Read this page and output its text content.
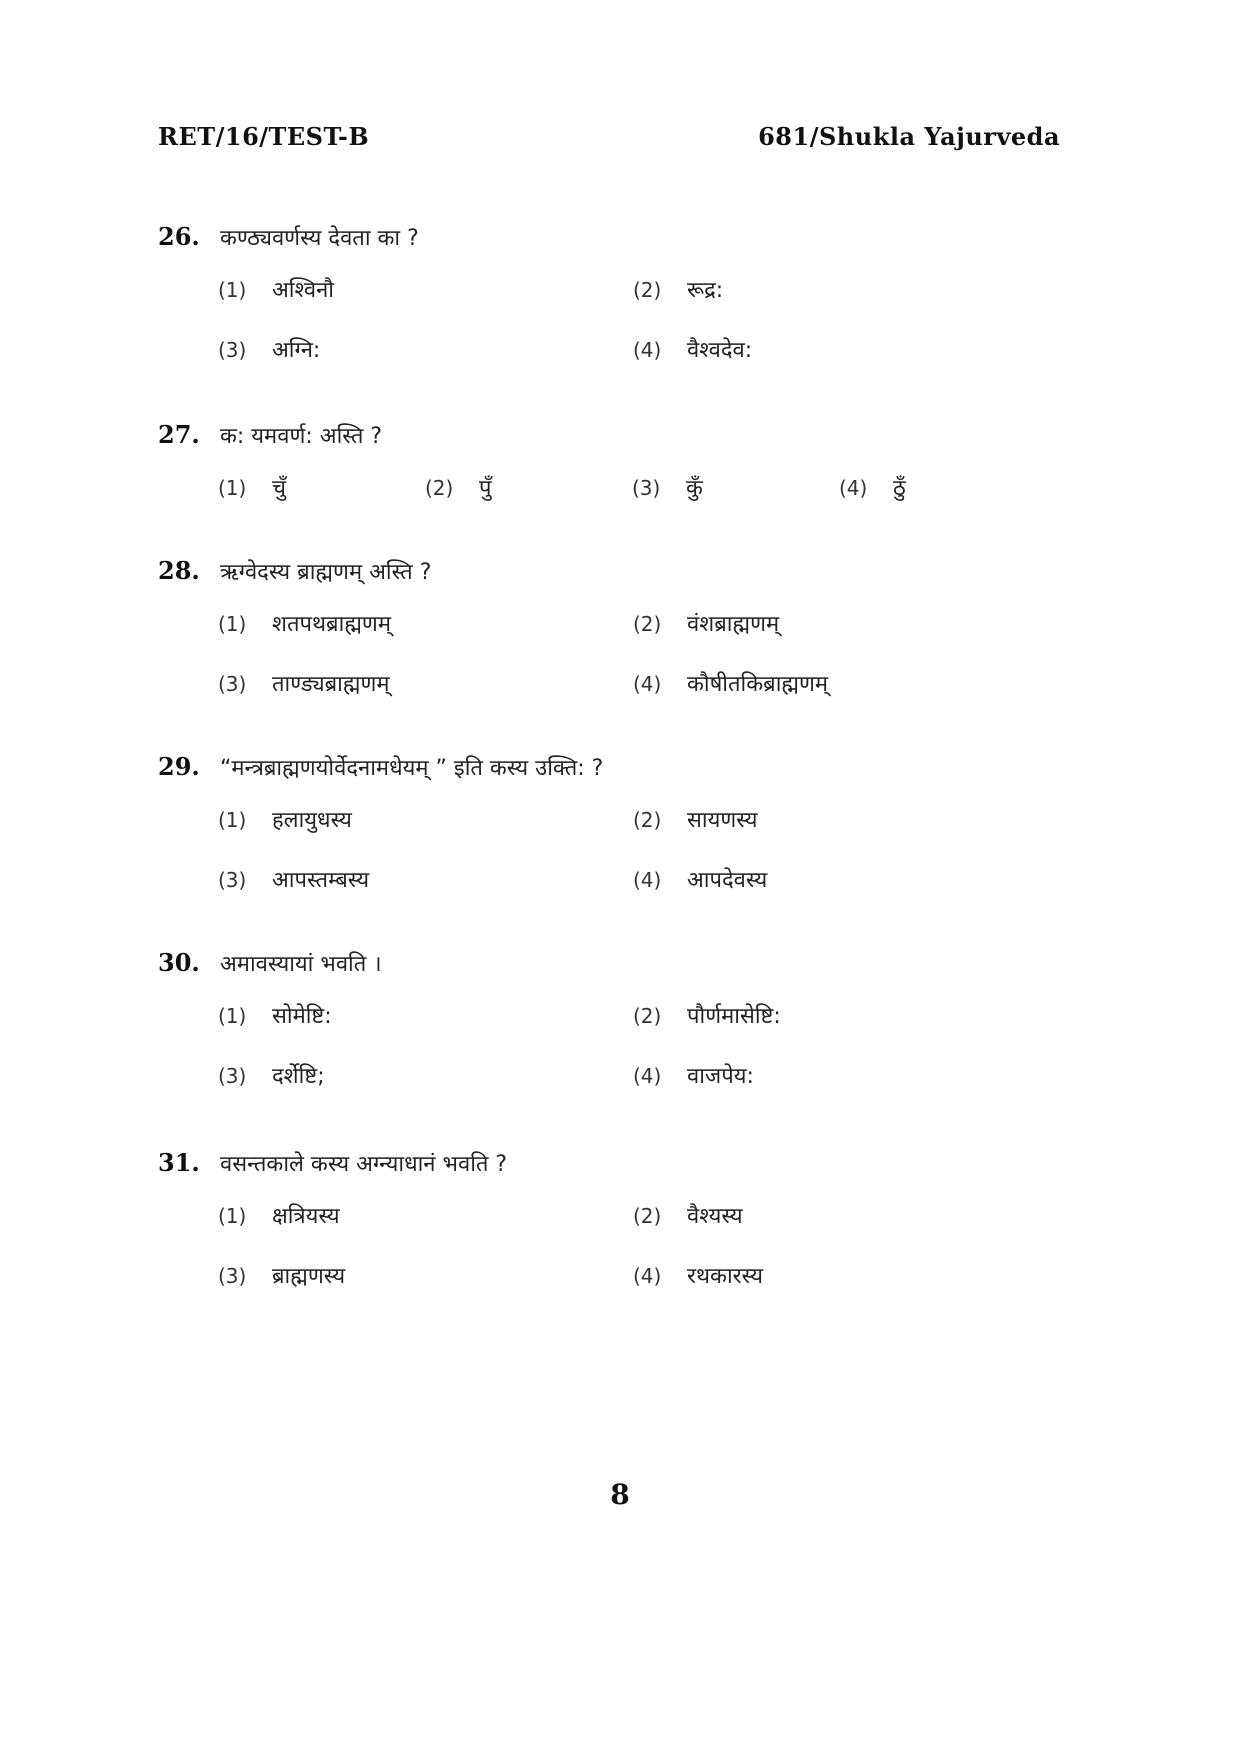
RET/16/TEST-B	681/Shukla Yajurveda
26. कण्ठ्यवर्णस्य देवता का ?
(1)	अश्विनौ	(2)	रूद्र:
(3)	अग्नि:	(4)	वैश्वदेव:
27. क: यमवर्ण: अस्ति ?
(1)	चुँ	(2)	पुँ	(3)	कुँ	(4)	ठुँ
28. ऋग्वेदस्य ब्राह्मणम् अस्ति ?
(1)	शतपथब्राह्मणम्	(2)	वंशब्राह्मणम्
(3)	ताण्ड्यब्राह्मणम्	(4)	कौषीतकिब्राह्मणम्
29. “मन्त्रब्राह्मणयोर्वेदनामधेयम् ” इति कस्य उक्ति: ?
(1)	हलायुधस्य	(2)	सायणस्य
(3)	आपस्तम्बस्य	(4)	आपदेवस्य
30. अमावस्यायां भवति ।
(1)	सोमेष्टि:	(2)	पौर्णमासेष्टि:
(3)	दर्शेष्टि;	(4)	वाजपेय:
31. वसन्तकाले कस्य अग्न्याधानं भवति ?
(1)	क्षत्रियस्य	(2)	वैश्यस्य
(3)	ब्राह्मणस्य	(4)	रथकारस्य
8
